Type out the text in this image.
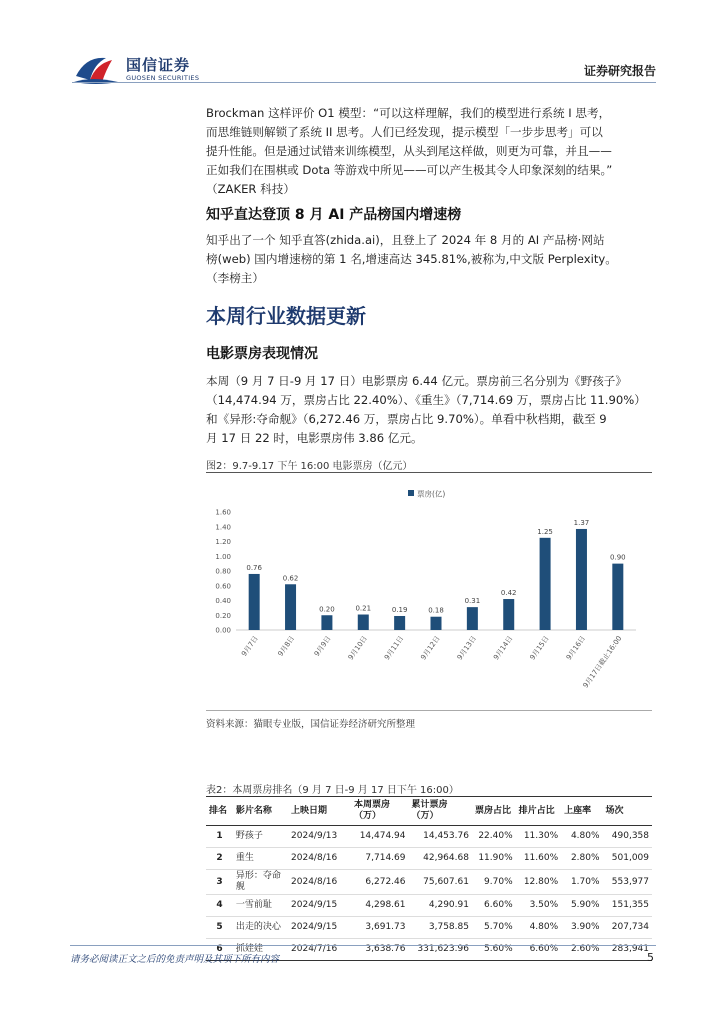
国信证券
GUOSEN SECURITIES	证券研究报告
Brockman 这样评价 O1 模型：“可以这样理解，我们的模型进行系统 I 思考，
而思维链则解锁了系统 II 思考。人们已经发现，提示模型「一步步思考」可以
提升性能。但是通过试错来训练模型，从头到尾这样做，则更为可靠，并且——
正如我们在围棋或 Dota 等游戏中所见——可以产生极其令人印象深刻的结果。”
（ZAKER 科技）
知乎直达登顶 8 月 AI 产品榜国内增速榜
知乎出了一个 知乎直答(zhida.ai)，且登上了 2024 年 8 月的 AI 产品榜·网站
榜(web) 国内增速榜的第 1 名,增速高达 345.81%,被称为,中文版 Perplexity。
（李榜主）
本周行业数据更新
电影票房表现情况
本周（9 月 7 日-9 月 17 日）电影票房 6.44 亿元。票房前三名分别为《野孩子》
（14,474.94 万，票房占比 22.40%）、《重生》（7,714.69 万，票房占比 11.90%）
和《异形:夺命舰》（6,272.46 万，票房占比 9.70%）。单看中秋档期，截至 9
月 17 日 22 时，电影票房伟 3.86 亿元。
图2：9.7-9.17 下午 16:00 电影票房（亿元）
票房(亿)
0.00
0.20
0.40
0.60
0.80
1.00
1.20
1.40
1.60
0.76
9月7日
0.62
9月8日
0.20
9月9日
0.21
9月10日
0.19
9月11日
0.18
9月12日
0.31
9月13日
0.42
9月14日
1.25
9月15日
1.37
9月16日
0.90
9月17日截止16:00
资料来源：猫眼专业版，国信证券经济研究所整理
表2：本周票房排名（9 月 7 日-9 月 17 日下午 16:00）
排名	影片名称	上映日期	本周票房（万）	累计票房（万）	票房占比	排片占比	上座率	场次
1	野孩子	2024/9/13	14,474.94	14,453.76	22.40%	11.30%	4.80%	490,358
2	重生	2024/8/16	7,714.69	42,964.68	11.90%	11.60%	2.80%	501,009
3	异形：夺命舰	2024/8/16	6,272.46	75,607.61	9.70%	12.80%	1.70%	553,977
4	一雪前耻	2024/9/15	4,298.61	4,290.91	6.60%	3.50%	5.90%	151,355
5	出走的决心	2024/9/15	3,691.73	3,758.85	5.70%	4.80%	3.90%	207,734
6	抓娃娃	2024/7/16	3,638.76	331,623.96	5.60%	6.60%	2.60%	283,941
请务必阅读正文之后的免责声明及其项下所有内容	5
